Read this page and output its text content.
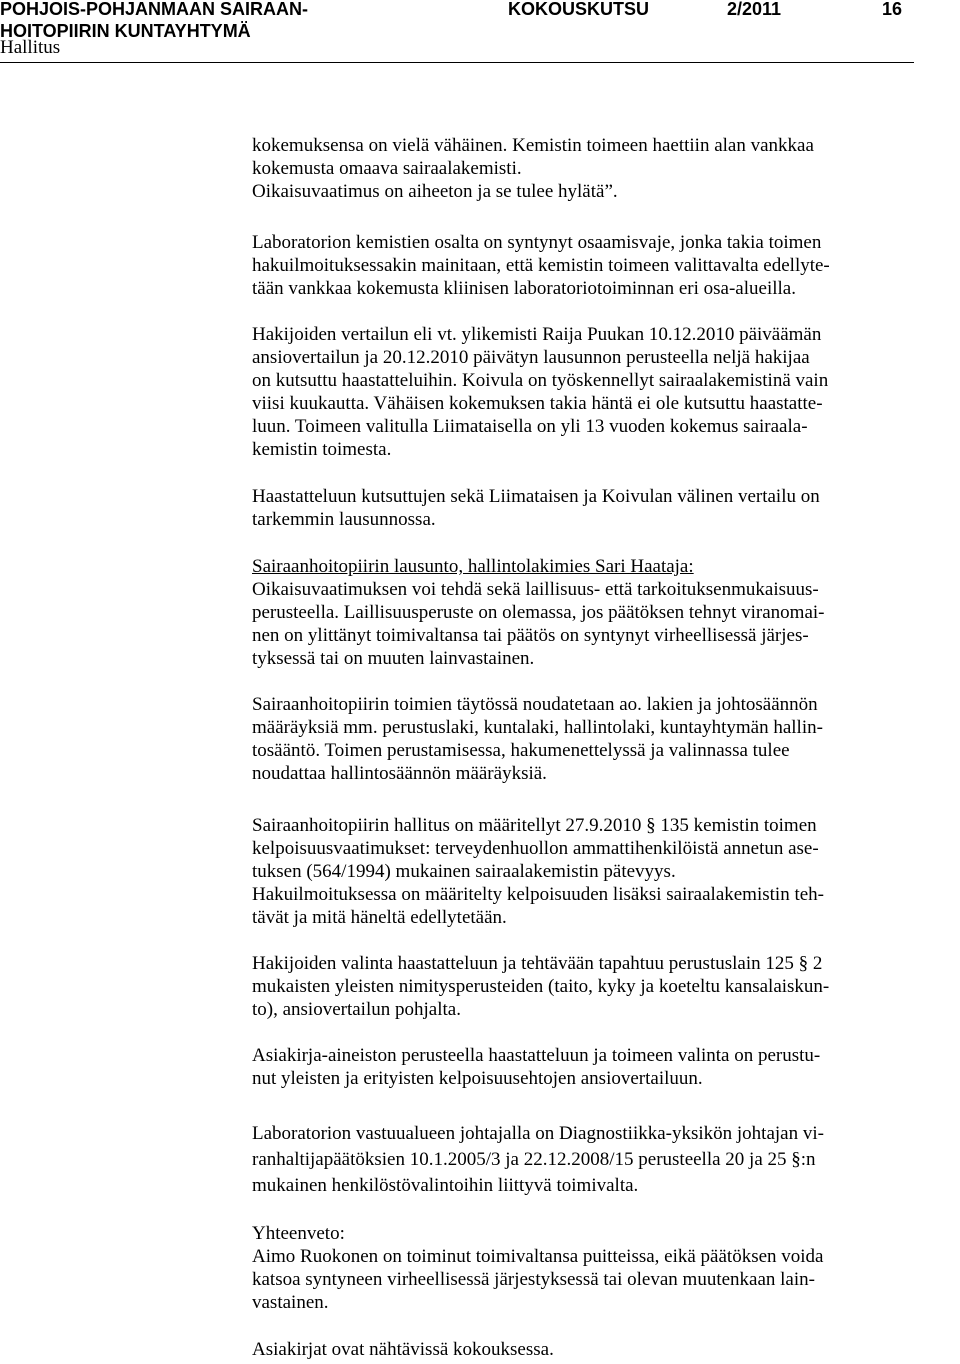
POHJOIS-POHJANMAAN SAIRAAN-
HOITOPIIRIN KUNTAYHTYMÄ
KOKOUSKUTSU	2/2011	16
Hallitus
kokemuksensa on vielä vähäinen. Kemistin toimeen haettiin alan vankkaa
kokemusta omaava sairaalakemisti.
Oikaisuvaatimus on aiheeton ja se tulee hylätä”.
Laboratorion kemistien osalta on syntynyt osaamisvaje, jonka takia toimen
hakuilmoituksessakin mainitaan, että kemistin toimeen valittavalta edellyte-
tään vankkaa kokemusta kliinisen laboratoriotoiminnan eri osa-alueilla.
Hakijoiden vertailun eli vt. ylikemisti Raija Puukan 10.12.2010 päiväämän
ansiovertailun ja 20.12.2010 päivätyn lausunnon perusteella neljä hakijaa
on kutsuttu haastatteluihin. Koivula on työskennellyt sairaalakemistinä vain
viisi kuukautta. Vähäisen kokemuksen takia häntä ei ole kutsuttu haastatte-
luun. Toimeen valitulla Liimataisella on yli 13 vuoden kokemus sairaala-
kemistin toimesta.
Haastatteluun kutsuttujen sekä Liimataisen ja Koivulan välinen vertailu on
tarkemmin lausunnossa.
Sairaanhoitopiirin lausunto, hallintolakimies Sari Haataja:
Oikaisuvaatimuksen voi tehdä sekä laillisuus- että tarkoituksenmukaisuus-
perusteella. Laillisuusperuste on olemassa, jos päätöksen tehnyt viranomai-
nen on ylittänyt toimivaltansa tai päätös on syntynyt virheellisessä järjes-
tyksessä tai on muuten lainvastainen.
Sairaanhoitopiirin toimien täytössä noudatetaan ao. lakien ja johtosäännön
määräyksiä mm. perustuslaki, kuntalaki, hallintolaki, kuntayhtymän hallin-
tosääntö. Toimen perustamisessa, hakumenettelyssä ja valinnassa tulee
noudattaa hallintosäännön määräyksiä.
Sairaanhoitopiirin hallitus on määritellyt 27.9.2010 § 135 kemistin toimen
kelpoisuusvaatimukset: terveydenhuollon ammattihenkilöistä annetun ase-
tuksen (564/1994) mukainen sairaalakemistin pätevyys.
Hakuilmoituksessa on määritelty kelpoisuuden lisäksi sairaalakemistin teh-
tävät ja mitä häneltä edellytetään.
Hakijoiden valinta haastatteluun ja tehtävään tapahtuu perustuslain 125 § 2
mukaisten yleisten nimitysperusteiden (taito, kyky ja koeteltu kansalaiskun-
to), ansiovertailun pohjalta.
Asiakirja-aineiston perusteella haastatteluun ja toimeen valinta on perustu-
nut yleisten ja erityisten kelpoisuusehtojen ansiovertailuun.
Laboratorion vastuualueen johtajalla on Diagnostiikka-yksikön johtajan vi-
ranhaltijapäätöksien 10.1.2005/3 ja 22.12.2008/15 perusteella 20 ja 25 §:n
mukainen henkilöstövalintoihin liittyvä toimivalta.
Yhteenveto:
Aimo Ruokonen on toiminut toimivaltansa puitteissa, eikä päätöksen voida
katsoa syntyneen virheellisessä järjestyksessä tai olevan muutenkaan lain-
vastainen.
Asiakirjat ovat nähtävissä kokouksessa.
